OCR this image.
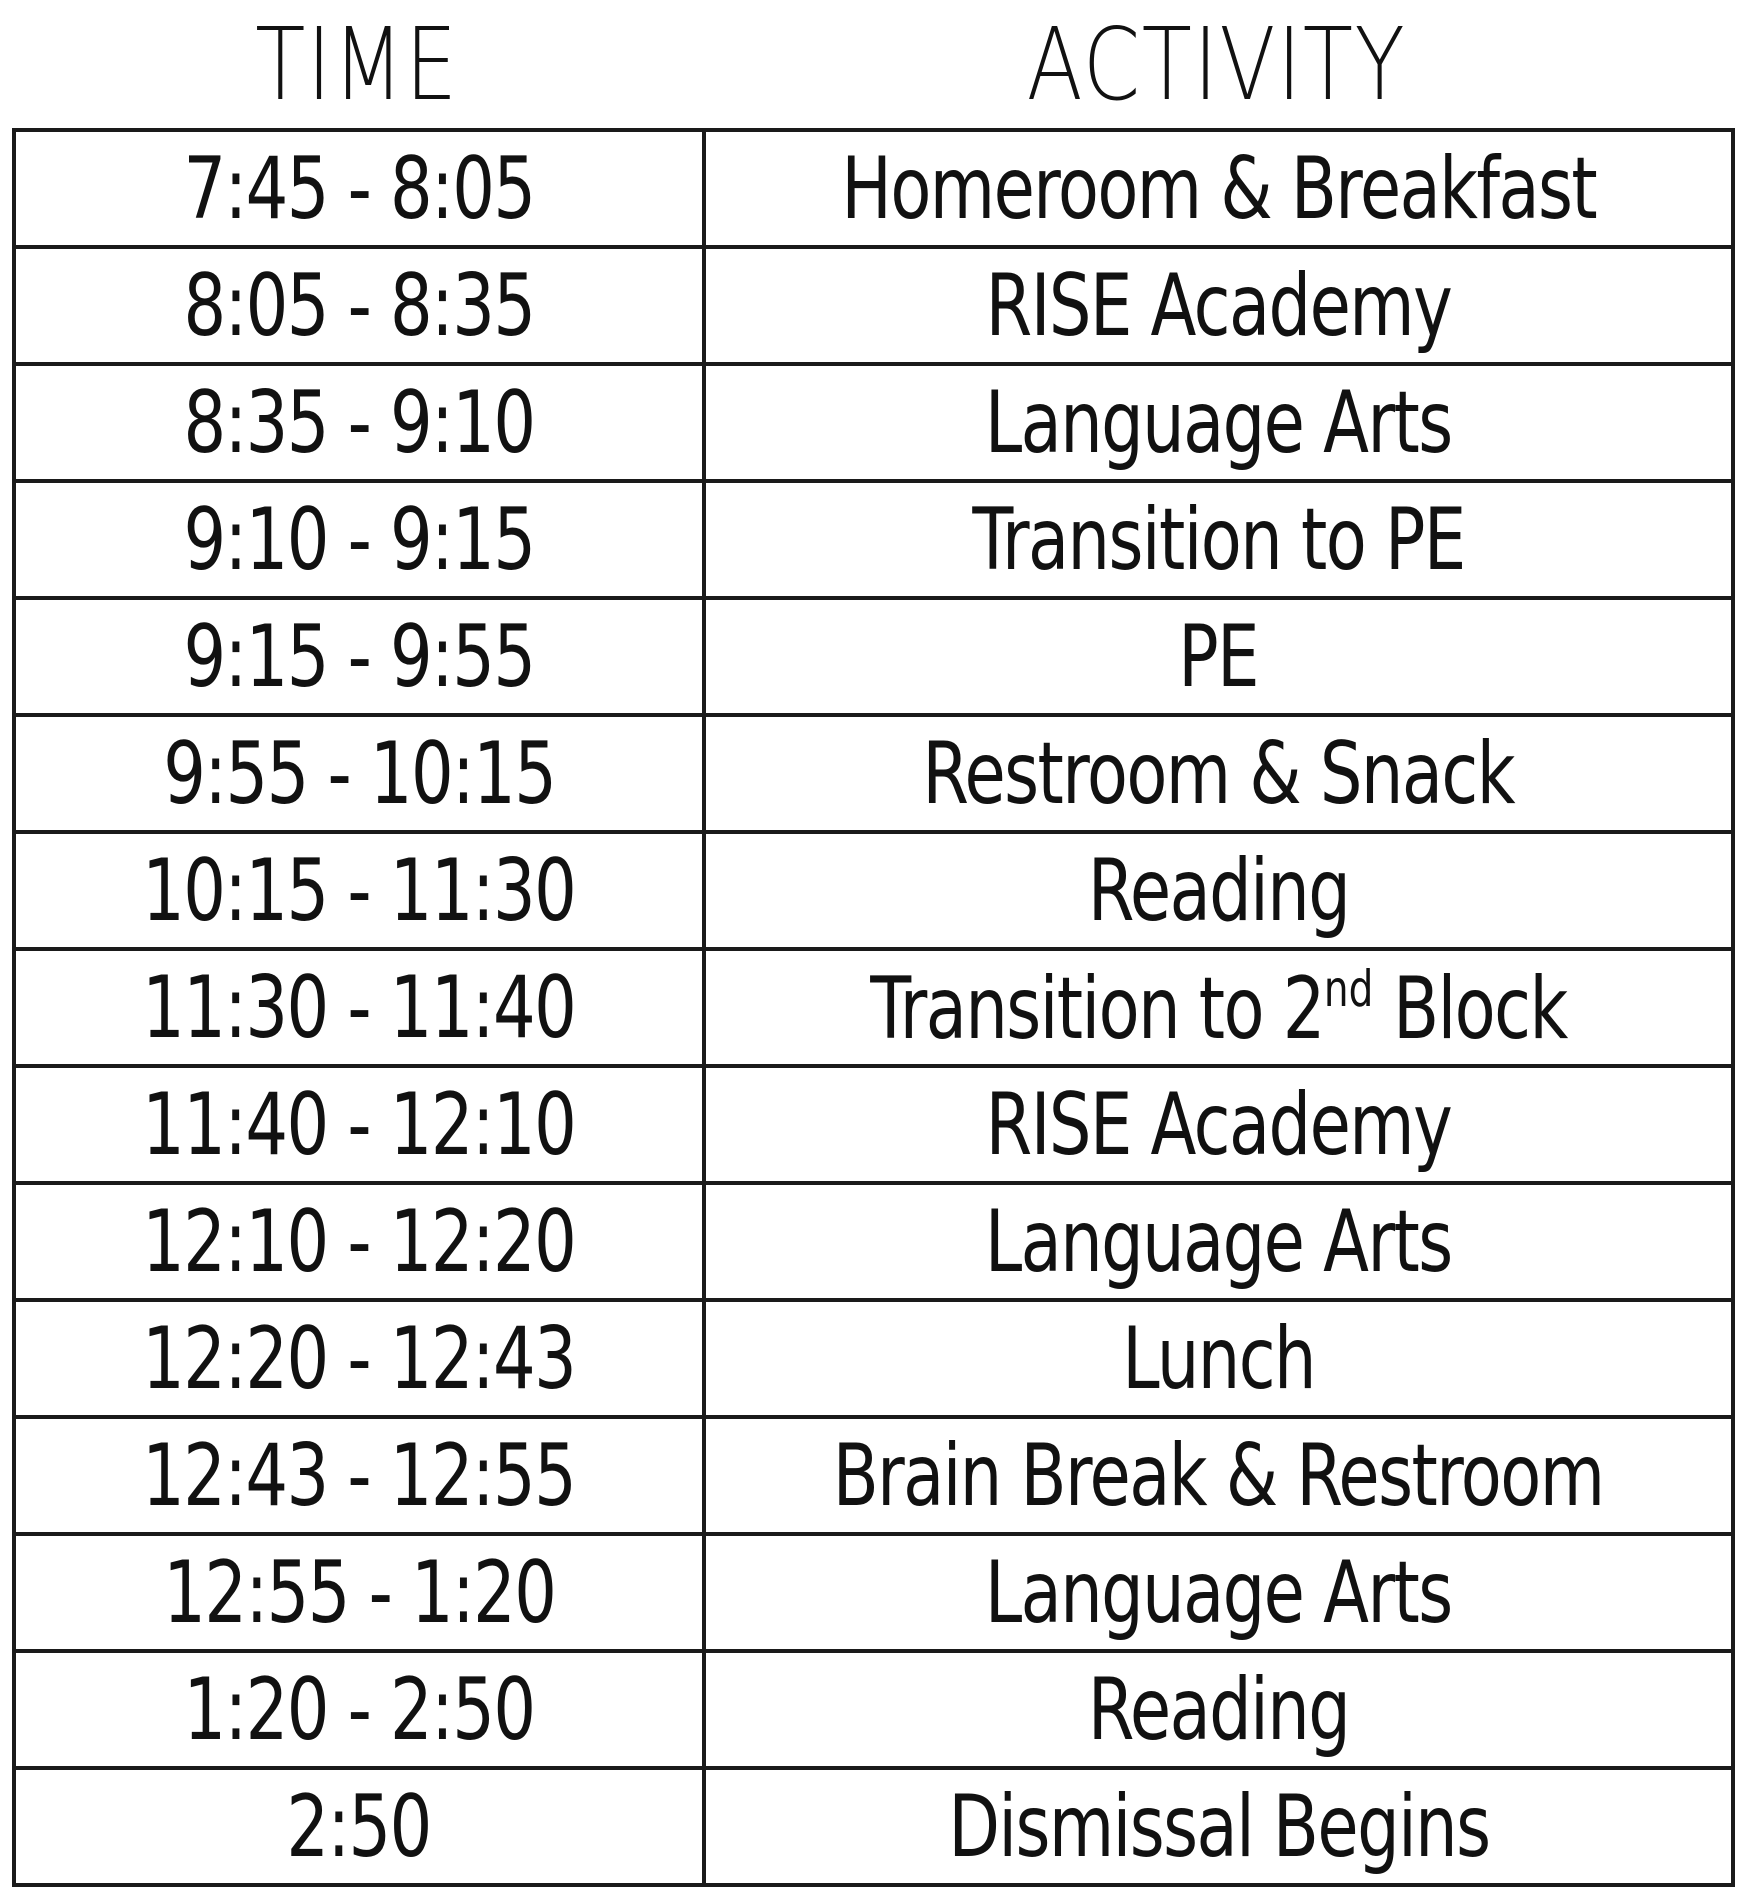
TIME	ACTIVITY
7:45 - 8:05	Homeroom & Breakfast
8:05 - 8:35	RISE Academy
8:35 - 9:10	Language Arts
9:10 - 9:15	Transition to PE
9:15 - 9:55	PE
9:55 - 10:15	Restroom & Snack
10:15 - 11:30	Reading
11:30 - 11:40	Transition to 2nd Block
11:40 - 12:10	RISE Academy
12:10 - 12:20	Language Arts
12:20 - 12:43	Lunch
12:43 - 12:55	Brain Break & Restroom
12:55 - 1:20	Language Arts
1:20 - 2:50	Reading
2:50	Dismissal Begins
